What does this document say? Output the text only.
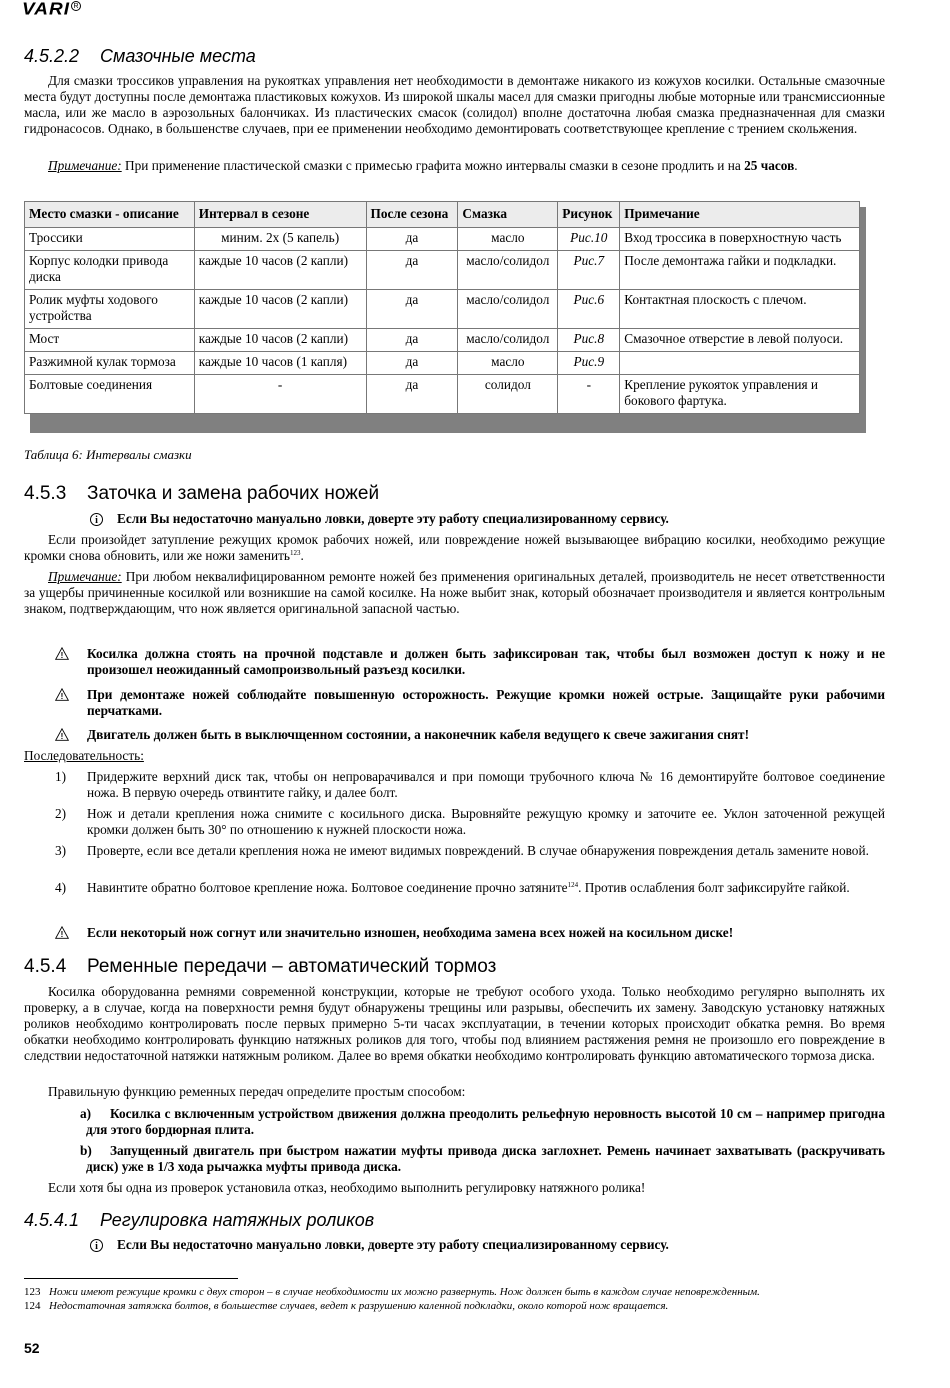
VARI R
4.5.2.2 Смазочные места

Для смазки троссиков управления на рукоятках управления нет необходимости в демонтаже никакого из кожухов косилки. Остальные смазочные места будут доступны после демонтажа пластиковых кожухов. Из широкой шкалы масел для смазки пригодны любые моторные или трансмиссионные масла, или же масло в аэрозольных балончиках. Из пластических смасок (солидол) вполне достаточна любая смазка предназначенная для смазки гидронасосов. Однако, в большенстве случаев, при ее применении необходимо демонтировать соответствующее крепление с трением скольжения.

Примечание: При применение пластической смазки с примесью графита можно интервалы смазки в сезоне продлить и на 25 часов.

Место смазки - описание	Интервал в сезоне	После сезона	Смазка	Рисунок	Примечание
Троссики	миним. 2x (5 капель)	да	масло	Рис.10	Вход троссика в поверхностную часть
Корпус колодки привода диска	каждые 10 часов (2 капли)	да	масло/солидол	Рис.7	После демонтажа гайки и подкладки.
Ролик муфты ходового устройства	каждые 10 часов (2 капли)	да	масло/солидол	Рис.6	Контактная плоскость с плечом.
Мост	каждые 10 часов (2 капли)	да	масло/солидол	Рис.8	Смазочное отверстие в левой полуоси.
Разжимной кулак тормоза	каждые 10 часов (1 капля)	да	масло	Рис.9	
Болтовые соединения	-	да	солидол	-	Крепление рукояток управления и бокового фартука.
Таблица 6: Интервалы смазки
4.5.3 Заточка и замена рабочих ножей
i	Если Вы недостаточно мануально ловки, доверте эту работу специализированному сервису.

Если произойдет затупление режущих кромок рабочих ножей, или повреждение ножей вызывающее вибрацию косилки, необходимо режущие кромки снова обновить, или же ножи заменить$^{123}$.

Примечание: При любом неквалифицированном ремонте ножей без применения оригинальных деталей, производитель не несет ответственности за ущербы причиненные косилкой или возникшие на самой косилке. На ноже выбит знак, который обозначает производителя и является контрольным знаком, подтверждающим, что нож является оригинальной запасной частью.

! Косилка должна стоять на прочной подставле и должен быть зафиксирован так, чтобы был возможен доступ к ножу и не произошел неожиданный самопроизвольный разъезд косилки.
! При демонтаже ножей соблюдайте повышенную осторожность. Режущие кромки ножей острые. Защищайте руки рабочими перчатками.
! Двигатель должен быть в выключщенном состоянии, а наконечник кабеля ведущего к свече зажигания снят!
Последовательность:
1) Придержите верхний диск так, чтобы он непроварачивался и при помощи трубочного ключа № 16 демонтируйте болтовое соединение ножа. В первую очередь отвинтите гайку, и далее болт.
2) Нож и детали крепления ножа снимите с косильного диска. Выровняйте режущую кромку и заточите ее. Уклон заточенной режущей кромки должен быть 30° по отношению к нужней плоскости ножа.
3) Проверте, если все детали крепления ножа не имеют видимых повреждений. В случае обнаружения повреждения деталь замените новой.
4) Навинтите обратно болтовое крепление ножа. Болтовое соединение прочно затяните$^{124}$. Против ослабления болт зафиксируйте гайкой.
! Если некоторый нож согнут или значительно изношен, необходима замена всех ножей на косильном диске!
4.5.4 Ременные передачи – автоматический тормоз

Косилка оборудованна ремнями современной конструкции, которые не требуют особого ухода. Только необходимо регулярно выполнять их проверку, а в случае, когда на поверхности ремня будут обнаружены трещины или разрывы, обеспечить их замену. Заводскую установку натяжных роликов необходимо контролировать после первых примерно 5-ти часах эксплуатации, в течении которых происходит обкатка ремня. Во время обкатки необходимо контролировать функцию натяжных роликов для того, чтобы под влиянием растяжения ремня не произошло его повреждение в следствии недостаточной натяжки натяжным роликом. Далее во время обкатки необходимо контролировать функцию автоматического тормоза диска.

Правильную функцию ременных передач определите простым способом:

a)	Косилка с включенным устройством движения должна преодолить рельефную неровность высотой 10 см – например пригодна для этого бордюрная плита.
b)	Запущенный двигатель при быстром нажатии муфты привода диска заглохнет. Ремень начинает захватывать (раскручивать диск) уже в 1/3 хода рычажка муфты привода диска.

Если хотя бы одна из проверок установила отказ, необходимо выполнить регулировку натяжного ролика!

4.5.4.1 Регулировка натяжных роликов
i	Если Вы недостаточно мануально ловки, доверте эту работу специализированному сервису.
123 Ножи имеют режущие кромки с двух сторон – в случае необходимости их можно развернуть. Нож должен быть в каждом случае неповрежденным.
124 Недостаточная затяжка болтов, в большестве случаев, ведет к разрушению каленной подкладки, около которой нож вращается.
52
